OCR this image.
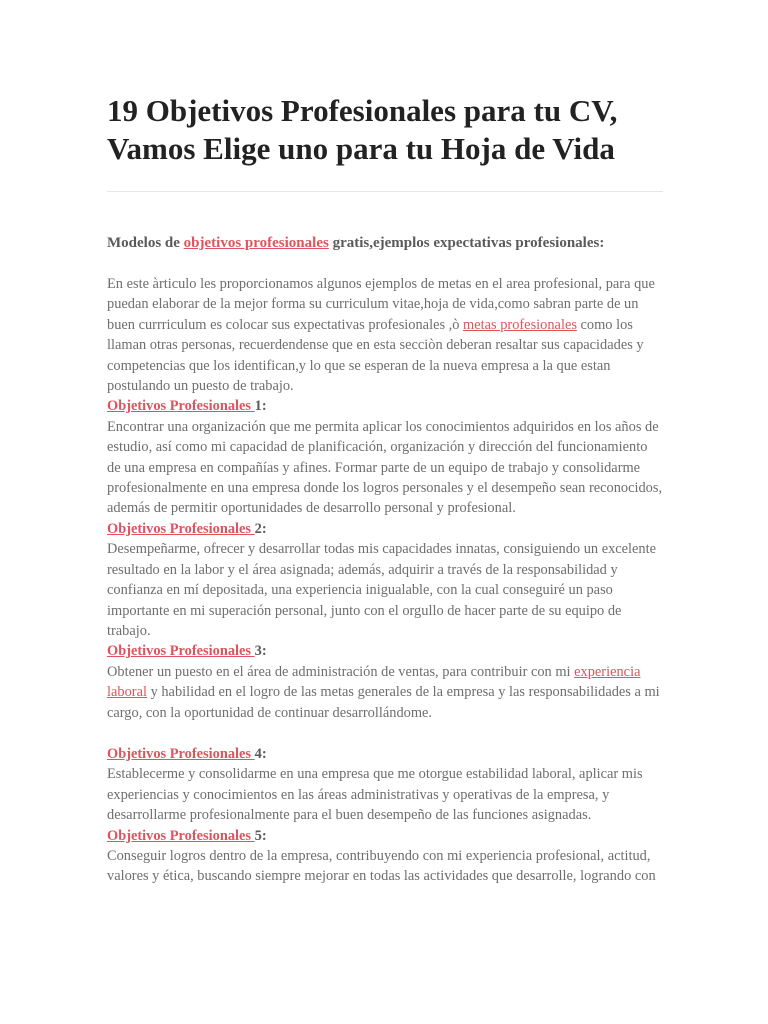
19 Objetivos Profesionales para tu CV, Vamos Elige uno para tu Hoja de Vida

Modelos de objetivos profesionales gratis,ejemplos expectativas profesionales:

En este àrticulo les proporcionamos algunos ejemplos de metas en el area profesional, para que puedan elaborar de la mejor forma su curriculum vitae,hoja de vida,como sabran parte de un buen currriculum es colocar sus expectativas profesionales ,ò metas profesionales como los llaman otras personas, recuerdendense que en esta secciòn deberan resaltar sus capacidades y competencias que los identifican,y lo que se esperan de la nueva empresa a la que estan postulando un puesto de trabajo.

Objetivos Profesionales 1:

Encontrar una organización que me permita aplicar los conocimientos adquiridos en los años de estudio, así como mi capacidad de planificación, organización y dirección del funcionamiento de una empresa en compañías y afines. Formar parte de un equipo de trabajo y consolidarme profesionalmente en una empresa donde los logros personales y el desempeño sean reconocidos, además de permitir oportunidades de desarrollo personal y profesional.

Objetivos Profesionales 2:

Desempeñarme, ofrecer y desarrollar todas mis capacidades innatas, consiguiendo un excelente resultado en la labor y el área asignada; además, adquirir a través de la responsabilidad y confianza en mí depositada, una experiencia inigualable, con la cual conseguiré un paso importante en mi superación personal, junto con el orgullo de hacer parte de su equipo de trabajo.

Objetivos Profesionales 3:

Obtener un puesto en el área de administración de ventas, para contribuir con mi experiencia laboral y habilidad en el logro de las metas generales de la empresa y las responsabilidades a mi cargo, con la oportunidad de continuar desarrollándome.

Objetivos Profesionales 4:

Establecerme y consolidarme en una empresa que me otorgue estabilidad laboral, aplicar mis experiencias y conocimientos en las áreas administrativas y operativas de la empresa, y desarrollarme profesionalmente para el buen desempeño de las funciones asignadas.

Objetivos Profesionales 5:

Conseguir logros dentro de la empresa, contribuyendo con mi experiencia profesional, actitud, valores y ética, buscando siempre mejorar en todas las actividades que desarrolle, logrando con
